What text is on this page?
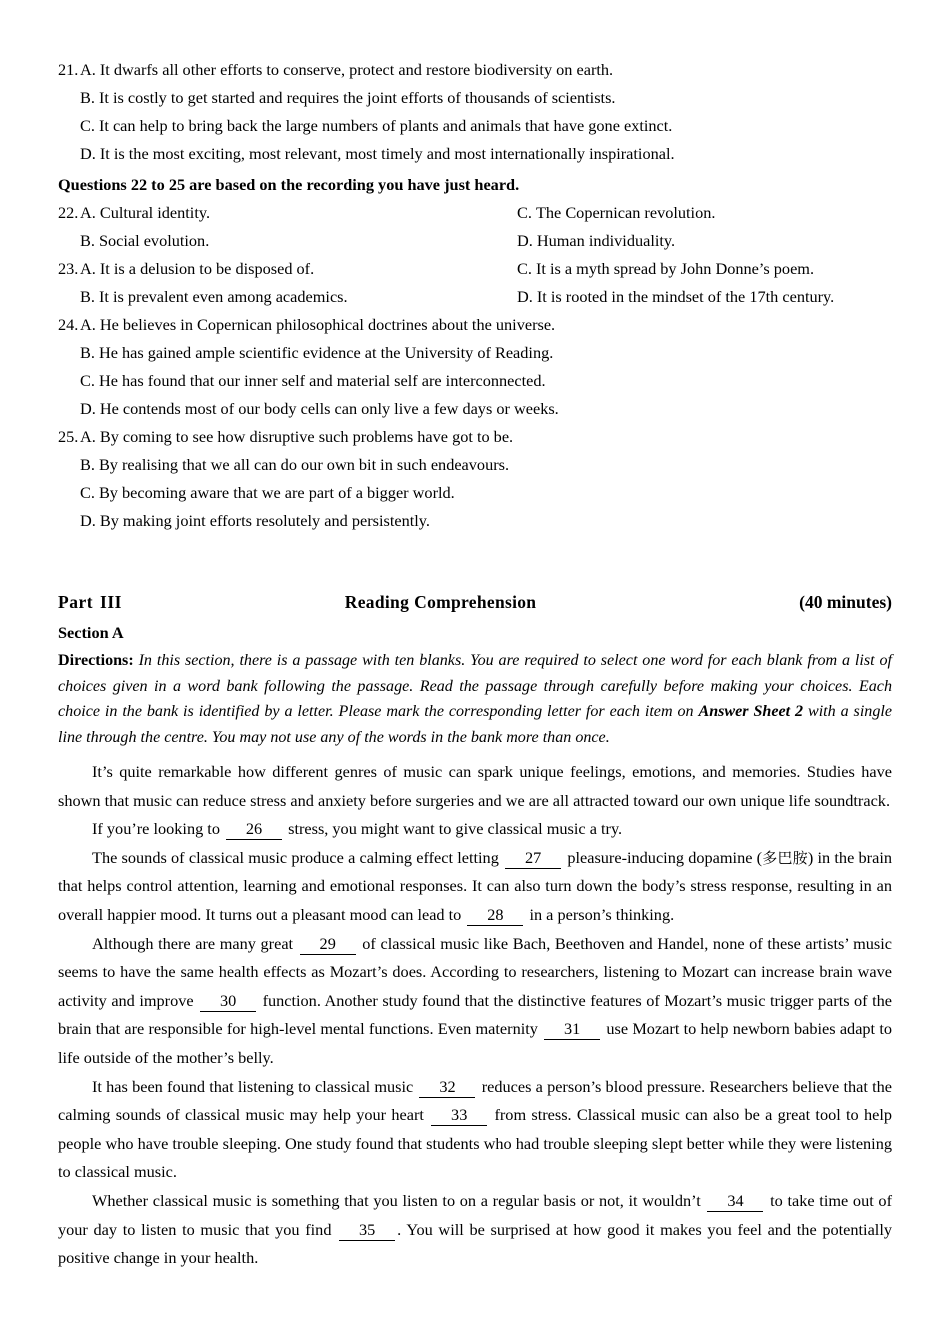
21. A. It dwarfs all other efforts to conserve, protect and restore biodiversity on earth.
B. It is costly to get started and requires the joint efforts of thousands of scientists.
C. It can help to bring back the large numbers of plants and animals that have gone extinct.
D. It is the most exciting, most relevant, most timely and most internationally inspirational.
Questions 22 to 25 are based on the recording you have just heard.
22. A. Cultural identity.	C. The Copernican revolution.
B. Social evolution.	D. Human individuality.
23. A. It is a delusion to be disposed of.	C. It is a myth spread by John Donne’s poem.
B. It is prevalent even among academics.	D. It is rooted in the mindset of the 17th century.
24. A. He believes in Copernican philosophical doctrines about the universe.
B. He has gained ample scientific evidence at the University of Reading.
C. He has found that our inner self and material self are interconnected.
D. He contends most of our body cells can only live a few days or weeks.
25. A. By coming to see how disruptive such problems have got to be.
B. By realising that we all can do our own bit in such endeavours.
C. By becoming aware that we are part of a bigger world.
D. By making joint efforts resolutely and persistently.
Part III	Reading Comprehension	(40 minutes)
Section A
Directions: In this section, there is a passage with ten blanks. You are required to select one word for each blank from a list of choices given in a word bank following the passage. Read the passage through carefully before making your choices. Each choice in the bank is identified by a letter. Please mark the corresponding letter for each item on Answer Sheet 2 with a single line through the centre. You may not use any of the words in the bank more than once.

It’s quite remarkable how different genres of music can spark unique feelings, emotions, and memories. Studies have shown that music can reduce stress and anxiety before surgeries and we are all attracted toward our own unique life soundtrack.

If you’re looking to 26 stress, you might want to give classical music a try.

The sounds of classical music produce a calming effect letting 27 pleasure-inducing dopamine (多巴胺) in the brain that helps control attention, learning and emotional responses. It can also turn down the body’s stress response, resulting in an overall happier mood. It turns out a pleasant mood can lead to 28 in a person’s thinking.

Although there are many great 29 of classical music like Bach, Beethoven and Handel, none of these artists’ music seems to have the same health effects as Mozart’s does. According to researchers, listening to Mozart can increase brain wave activity and improve 30 function. Another study found that the distinctive features of Mozart’s music trigger parts of the brain that are responsible for high-level mental functions. Even maternity 31 use Mozart to help newborn babies adapt to life outside of the mother’s belly.

It has been found that listening to classical music 32 reduces a person’s blood pressure. Researchers believe that the calming sounds of classical music may help your heart 33 from stress. Classical music can also be a great tool to help people who have trouble sleeping. One study found that students who had trouble sleeping slept better while they were listening to classical music.

Whether classical music is something that you listen to on a regular basis or not, it wouldn’t 34 to take time out of your day to listen to music that you find 35 . You will be surprised at how good it makes you feel and the potentially positive change in your health.
